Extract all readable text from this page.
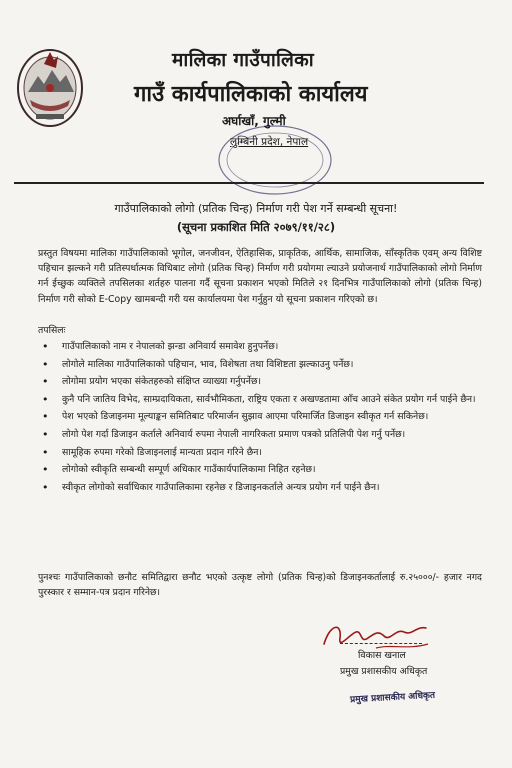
मालिका गाउँपालिका
गाउँ कार्यपालिकाको कार्यालय
अर्घाखाँ, गुल्मी
लुम्बिनी प्रदेश, नेपाल
गाउँपालिकाको लोगो (प्रतिक चिन्ह) निर्माण गरी पेश गर्ने सम्बन्धी सूचना!
(सूचना प्रकाशित मिति २०७९/११/२८)
प्रस्तुत विषयमा मालिका गाउँपालिकाको भूगोल, जनजीवन, ऐतिहासिक, प्राकृतिक, आर्थिक, सामाजिक, साँस्कृतिक एवम् अन्य विशिष्ट पहिचान झल्कने गरी प्रतिस्पर्धात्मक विधिबाट लोगो (प्रतिक चिन्ह) निर्माण गरी प्रयोगमा ल्याउने प्रयोजनार्थ गाउँपालिकाको लोगो निर्माण गर्न ईच्छुक व्यक्तिले तपसिलका शर्तहरु पालना गर्दै सूचना प्रकाशन भएको मितिले २१ दिनभित्र गाउँपालिकाको लोगो (प्रतिक चिन्ह) निर्माण गरी सोको E-Copy खामबन्दी गरी यस कार्यालयमा पेश गर्नुहुन यो सूचना प्रकाशन गरिएको छ।
तपसिलः
• गाउँपालिकाको नाम र नेपालको झन्डा अनिवार्य समावेश हुनुपर्नेछ।
• लोगोले मालिका गाउँपालिकाको पहिचान, भाव, विशेषता तथा विशिष्टता झल्काउनु पर्नेछ।
• लोगोमा प्रयोग भएका संकेतहरुको संक्षिप्त व्याख्या गर्नुपर्नेछ।
• कुनै पनि जातिय विभेद, साम्प्रदायिकता, सार्वभौमिकता, राष्ट्रिय एकता र अखण्डतामा आँच आउने संकेत प्रयोग गर्न पाईने छैन।
• पेश भएको डिजाइनमा मूल्याङ्कन समितिबाट परिमार्जन सुझाव आएमा परिमार्जित डिजाइन स्वीकृत गर्न सकिनेछ।
• लोगो पेश गर्दा डिजाइन कर्ताले अनिवार्य रुपमा नेपाली नागरिकता प्रमाण पत्रको प्रतिलिपी पेश गर्नु पर्नेछ।
• सामूहिक रुपमा गरेको डिजाइनलाई मान्यता प्रदान गरिने छैन।
• लोगोको स्वीकृति सम्बन्धी सम्पूर्ण अधिकार गाउँकार्यपालिकामा निहित रहनेछ।
• स्वीकृत लोगोको सर्वाधिकार गाउँपालिकामा रहनेछ र डिजाइनकर्ताले अन्यत्र प्रयोग गर्न पाईने छैन।
पुनश्चः गाउँपालिकाको छनौट समितिद्वारा छनौट भएको उत्कृष्ट लोगो (प्रतिक चिन्ह)को डिजाइनकर्तालाई रु.२५०००/- हजार नगद पुरस्कार र सम्मान-पत्र प्रदान गरिनेछ।
विकास खनाल
प्रमुख प्रशासकीय अधिकृत
प्रमुख प्रशासकीय अधिकृत
